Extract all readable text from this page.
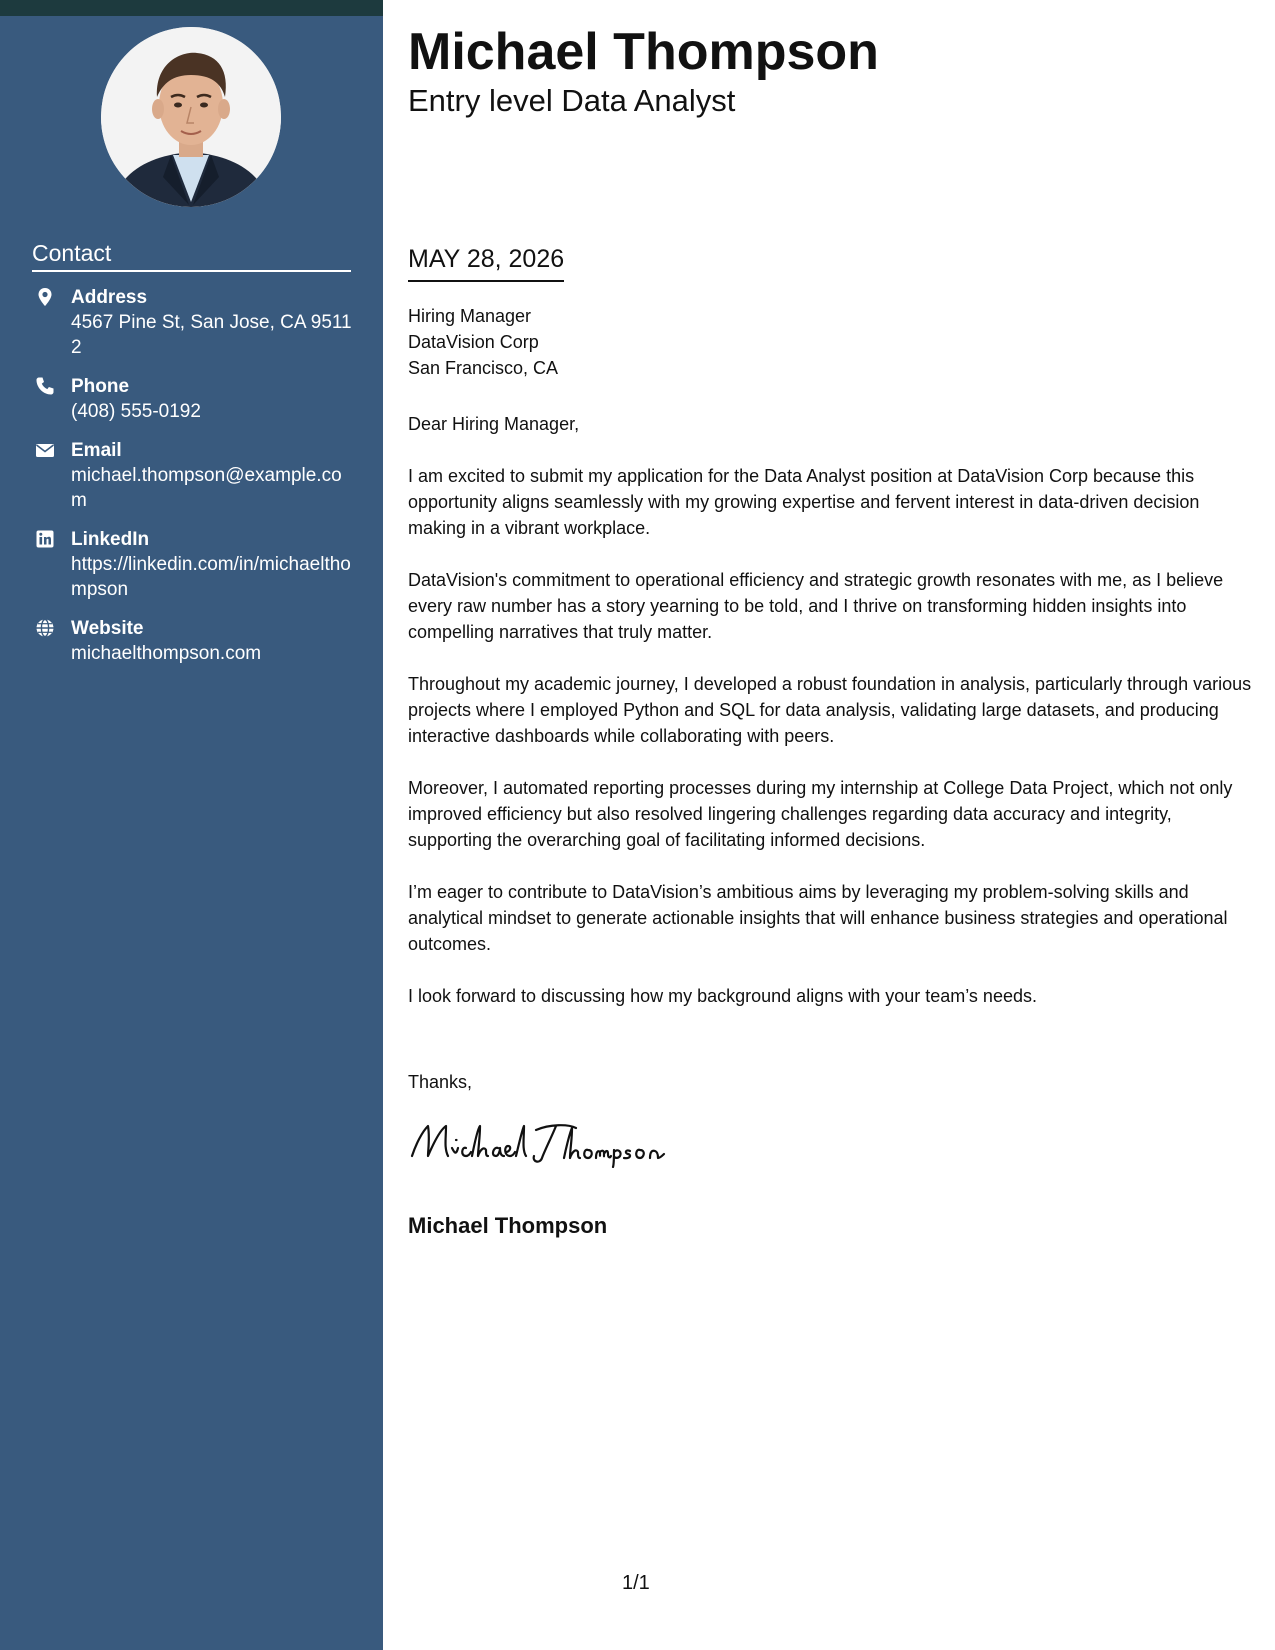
Contact
Address
4567 Pine St, San Jose, CA 95112
Phone
(408) 555-0192
Email
michael.thompson@example.com
LinkedIn
https://linkedin.com/in/michaelthompson
Website
michaelthompson.com
Michael Thompson
Entry level Data Analyst
MAY 28, 2026
Hiring Manager
DataVision Corp
San Francisco, CA

Dear Hiring Manager,

I am excited to submit my application for the Data Analyst position at DataVision Corp because this opportunity aligns seamlessly with my growing expertise and fervent interest in data-driven decision making in a vibrant workplace.

DataVision's commitment to operational efficiency and strategic growth resonates with me, as I believe every raw number has a story yearning to be told, and I thrive on transforming hidden insights into compelling narratives that truly matter.

Throughout my academic journey, I developed a robust foundation in analysis, particularly through various projects where I employed Python and SQL for data analysis, validating large datasets, and producing interactive dashboards while collaborating with peers.

Moreover, I automated reporting processes during my internship at College Data Project, which not only improved efficiency but also resolved lingering challenges regarding data accuracy and integrity, supporting the overarching goal of facilitating informed decisions.

I’m eager to contribute to DataVision’s ambitious aims by leveraging my problem-solving skills and analytical mindset to generate actionable insights that will enhance business strategies and operational outcomes.

I look forward to discussing how my background aligns with your team’s needs.

Thanks,
Michael Thompson
1/1
